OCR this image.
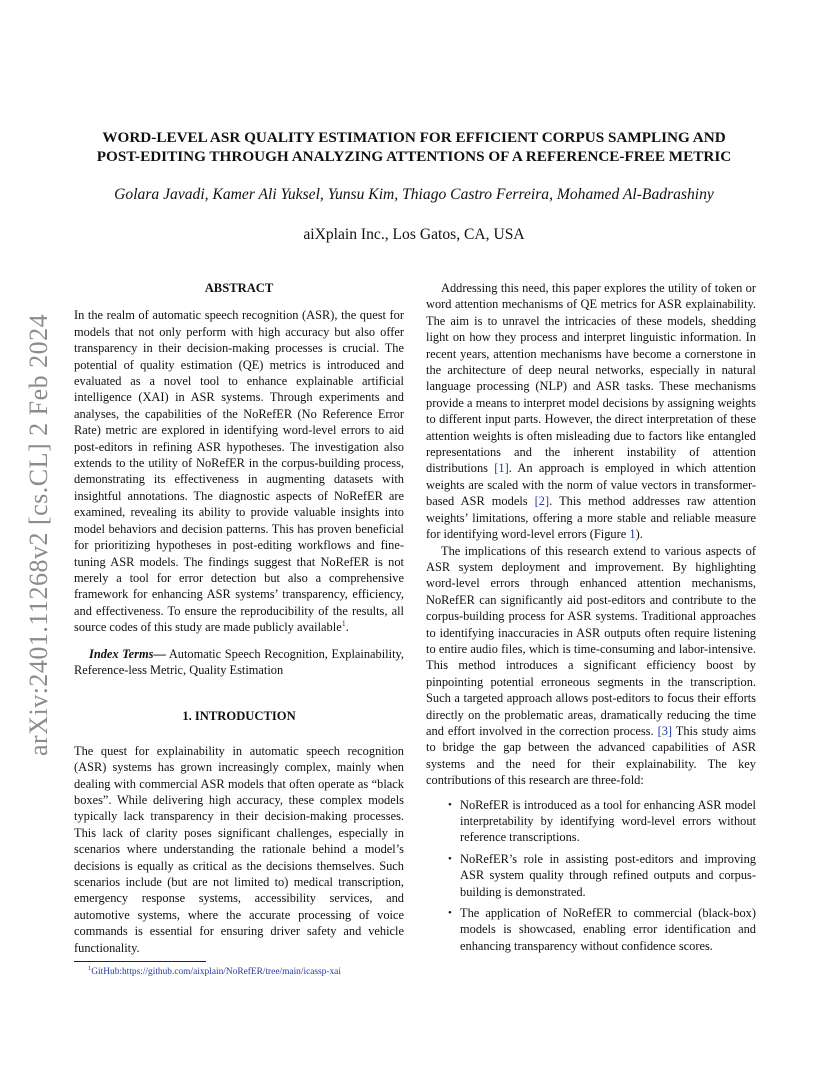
arXiv:2401.11268v2 [cs.CL] 2 Feb 2024
WORD-LEVEL ASR QUALITY ESTIMATION FOR EFFICIENT CORPUS SAMPLING AND
POST-EDITING THROUGH ANALYZING ATTENTIONS OF A REFERENCE-FREE METRIC
Golara Javadi, Kamer Ali Yuksel, Yunsu Kim, Thiago Castro Ferreira, Mohamed Al-Badrashiny
aiXplain Inc., Los Gatos, CA, USA
ABSTRACT

In the realm of automatic speech recognition (ASR), the quest for models that not only perform with high accuracy but also offer transparency in their decision-making processes is crucial. The potential of quality estimation (QE) metrics is introduced and evaluated as a novel tool to enhance explainable artificial intelligence (XAI) in ASR systems. Through experiments and analyses, the capabilities of the NoRefER (No Reference Error Rate) metric are explored in identifying word-level errors to aid post-editors in refining ASR hypotheses. The investigation also extends to the utility of NoRefER in the corpus-building process, demonstrating its effectiveness in augmenting datasets with insightful annotations. The diagnostic aspects of NoRefER are examined, revealing its ability to provide valuable insights into model behaviors and decision patterns. This has proven beneficial for prioritizing hypotheses in post-editing workflows and fine-tuning ASR models. The findings suggest that NoRefER is not merely a tool for error detection but also a comprehensive framework for enhancing ASR systems’ transparency, efficiency, and effectiveness. To ensure the reproducibility of the results, all source codes of this study are made publicly available$^1$.

Index Terms— Automatic Speech Recognition, Explainability, Reference-less Metric, Quality Estimation

1. INTRODUCTION

The quest for explainability in automatic speech recognition (ASR) systems has grown increasingly complex, mainly when dealing with commercial ASR models that often operate as “black boxes”. While delivering high accuracy, these complex models typically lack transparency in their decision-making processes. This lack of clarity poses significant challenges, especially in scenarios where understanding the rationale behind a model’s decisions is equally as critical as the decisions themselves. Such scenarios include (but are not limited to) medical transcription, emergency response systems, accessibility services, and automotive systems, where the accurate processing of voice commands is essential for ensuring driver safety and vehicle functionality.

Addressing this need, this paper explores the utility of token or word attention mechanisms of QE metrics for ASR explainability. The aim is to unravel the intricacies of these models, shedding light on how they process and interpret linguistic information. In recent years, attention mechanisms have become a cornerstone in the architecture of deep neural networks, especially in natural language processing (NLP) and ASR tasks. These mechanisms provide a means to interpret model decisions by assigning weights to different input parts. However, the direct interpretation of these attention weights is often misleading due to factors like entangled representations and the inherent instability of attention distributions [1]. An approach is employed in which attention weights are scaled with the norm of value vectors in transformer-based ASR models [2]. This method addresses raw attention weights’ limitations, offering a more stable and reliable measure for identifying word-level errors (Figure 1).

The implications of this research extend to various aspects of ASR system deployment and improvement. By highlighting word-level errors through enhanced attention mechanisms, NoRefER can significantly aid post-editors and contribute to the corpus-building process for ASR systems. Traditional approaches to identifying inaccuracies in ASR outputs often require listening to entire audio files, which is time-consuming and labor-intensive. This method introduces a significant efficiency boost by pinpointing potential erroneous segments in the transcription. Such a targeted approach allows post-editors to focus their efforts directly on the problematic areas, dramatically reducing the time and effort involved in the correction process. [3] This study aims to bridge the gap between the advanced capabilities of ASR systems and the need for their explainability. The key contributions of this research are three-fold:

• NoRefER is introduced as a tool for enhancing ASR model interpretability by identifying word-level errors without reference transcriptions.
• NoRefER’s role in assisting post-editors and improving ASR system quality through refined outputs and corpus-building is demonstrated.
• The application of NoRefER to commercial (black-box) models is showcased, enabling error identification and enhancing transparency without confidence scores.
$^1$GitHub:https://github.com/aixplain/NoRefER/tree/main/icassp-xai
